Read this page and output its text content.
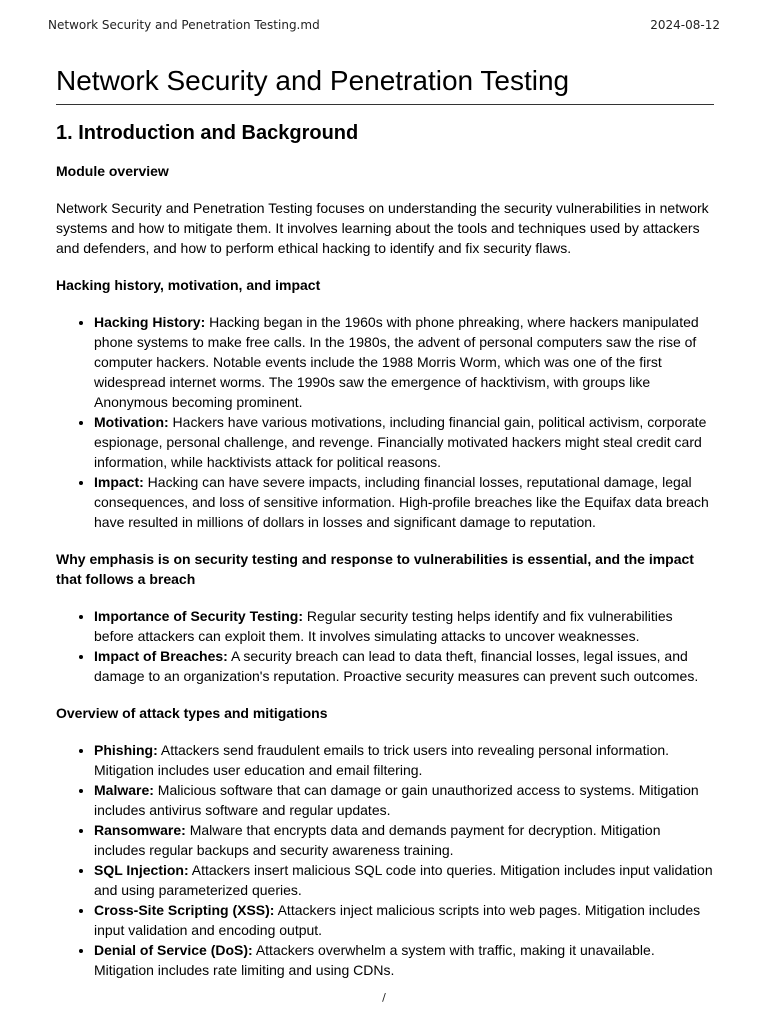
Network Security and Penetration Testing.md	2024-08-12
Network Security and Penetration Testing
1. Introduction and Background

Module overview

Network Security and Penetration Testing focuses on understanding the security vulnerabilities in network systems and how to mitigate them. It involves learning about the tools and techniques used by attackers and defenders, and how to perform ethical hacking to identify and fix security flaws.

Hacking history, motivation, and impact

• Hacking History: Hacking began in the 1960s with phone phreaking, where hackers manipulated phone systems to make free calls. In the 1980s, the advent of personal computers saw the rise of computer hackers. Notable events include the 1988 Morris Worm, which was one of the first widespread internet worms. The 1990s saw the emergence of hacktivism, with groups like Anonymous becoming prominent.
• Motivation: Hackers have various motivations, including financial gain, political activism, corporate espionage, personal challenge, and revenge. Financially motivated hackers might steal credit card information, while hacktivists attack for political reasons.
• Impact: Hacking can have severe impacts, including financial losses, reputational damage, legal consequences, and loss of sensitive information. High-profile breaches like the Equifax data breach have resulted in millions of dollars in losses and significant damage to reputation.

Why emphasis is on security testing and response to vulnerabilities is essential, and the impact that follows a breach

• Importance of Security Testing: Regular security testing helps identify and fix vulnerabilities before attackers can exploit them. It involves simulating attacks to uncover weaknesses.
• Impact of Breaches: A security breach can lead to data theft, financial losses, legal issues, and damage to an organization's reputation. Proactive security measures can prevent such outcomes.

Overview of attack types and mitigations

• Phishing: Attackers send fraudulent emails to trick users into revealing personal information. Mitigation includes user education and email filtering.
• Malware: Malicious software that can damage or gain unauthorized access to systems. Mitigation includes antivirus software and regular updates.
• Ransomware: Malware that encrypts data and demands payment for decryption. Mitigation includes regular backups and security awareness training.
• SQL Injection: Attackers insert malicious SQL code into queries. Mitigation includes input validation and using parameterized queries.
• Cross-Site Scripting (XSS): Attackers inject malicious scripts into web pages. Mitigation includes input validation and encoding output.
• Denial of Service (DoS): Attackers overwhelm a system with traffic, making it unavailable. Mitigation includes rate limiting and using CDNs.
/
